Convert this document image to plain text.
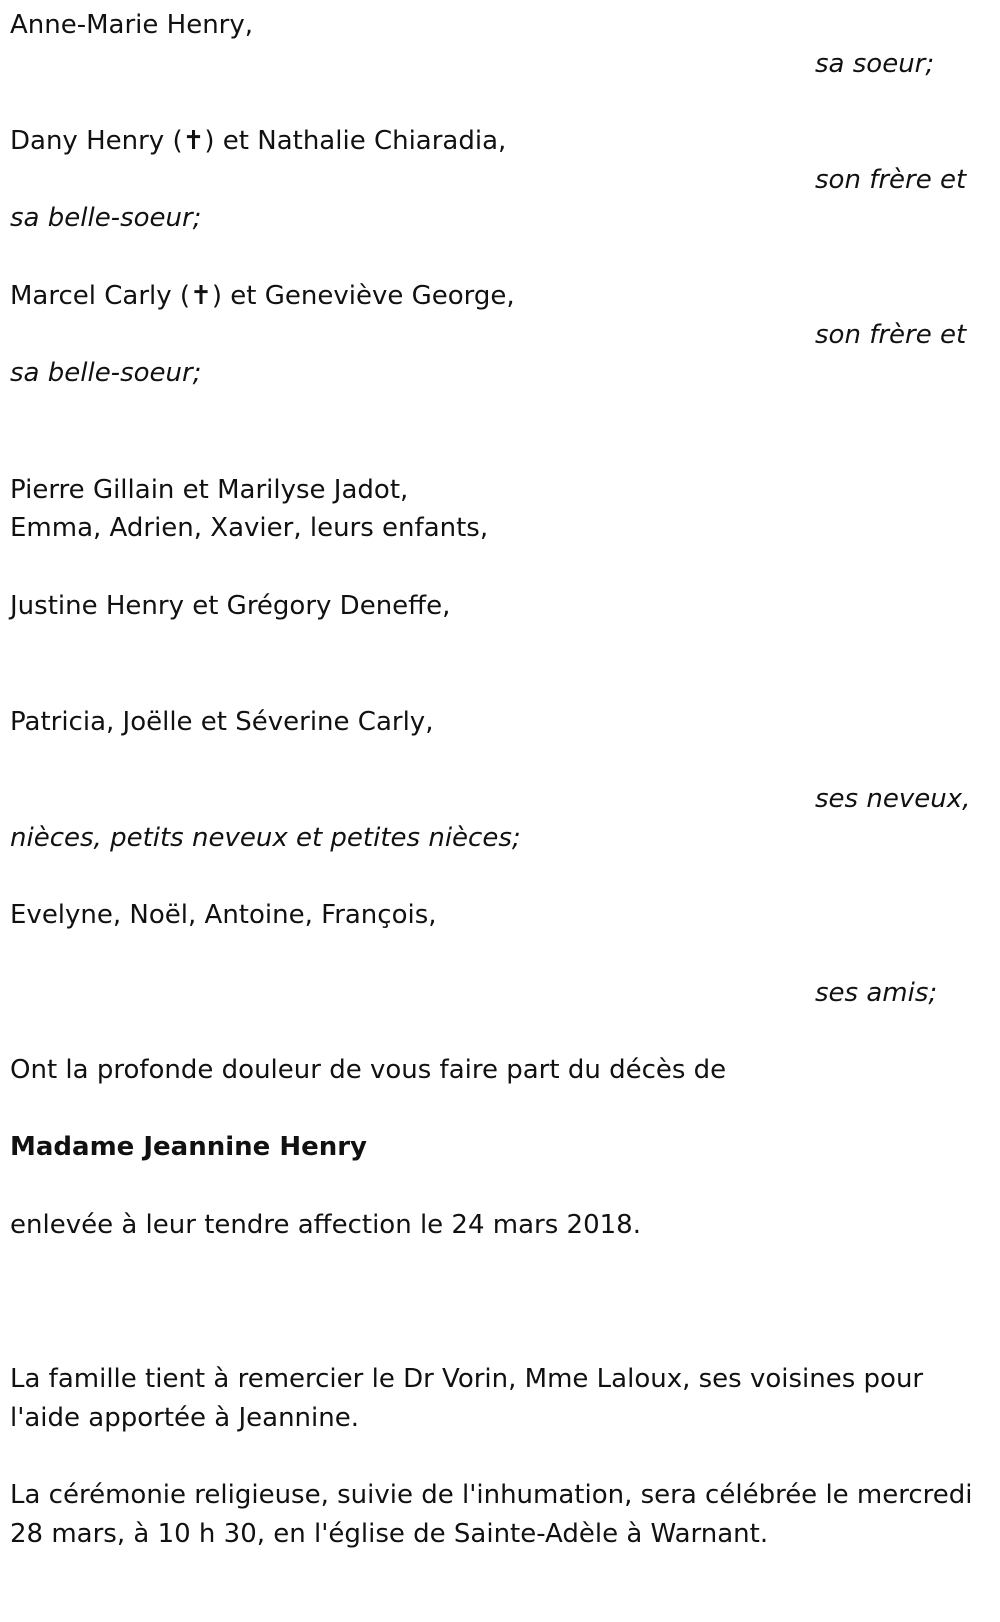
Anne-Marie Henry,
sa soeur;
Dany Henry (✝) et Nathalie Chiaradia,
son frère et
sa belle-soeur;
Marcel Carly (✝) et Geneviève George,
son frère et
sa belle-soeur;
Pierre Gillain et Marilyse Jadot,
Emma, Adrien, Xavier, leurs enfants,
Justine Henry et Grégory Deneffe,
Patricia, Joëlle et Séverine Carly,
ses neveux,
nièces, petits neveux et petites nièces;
Evelyne, Noël, Antoine, François,
ses amis;
Ont la profonde douleur de vous faire part du décès de
Madame Jeannine Henry
enlevée à leur tendre affection le 24 mars 2018.
La famille tient à remercier le Dr Vorin, Mme Laloux, ses voisines pour
l'aide apportée à Jeannine.
La cérémonie religieuse, suivie de l'inhumation, sera célébrée le mercredi
28 mars, à 10 h 30, en l'église de Sainte-Adèle à Warnant.
